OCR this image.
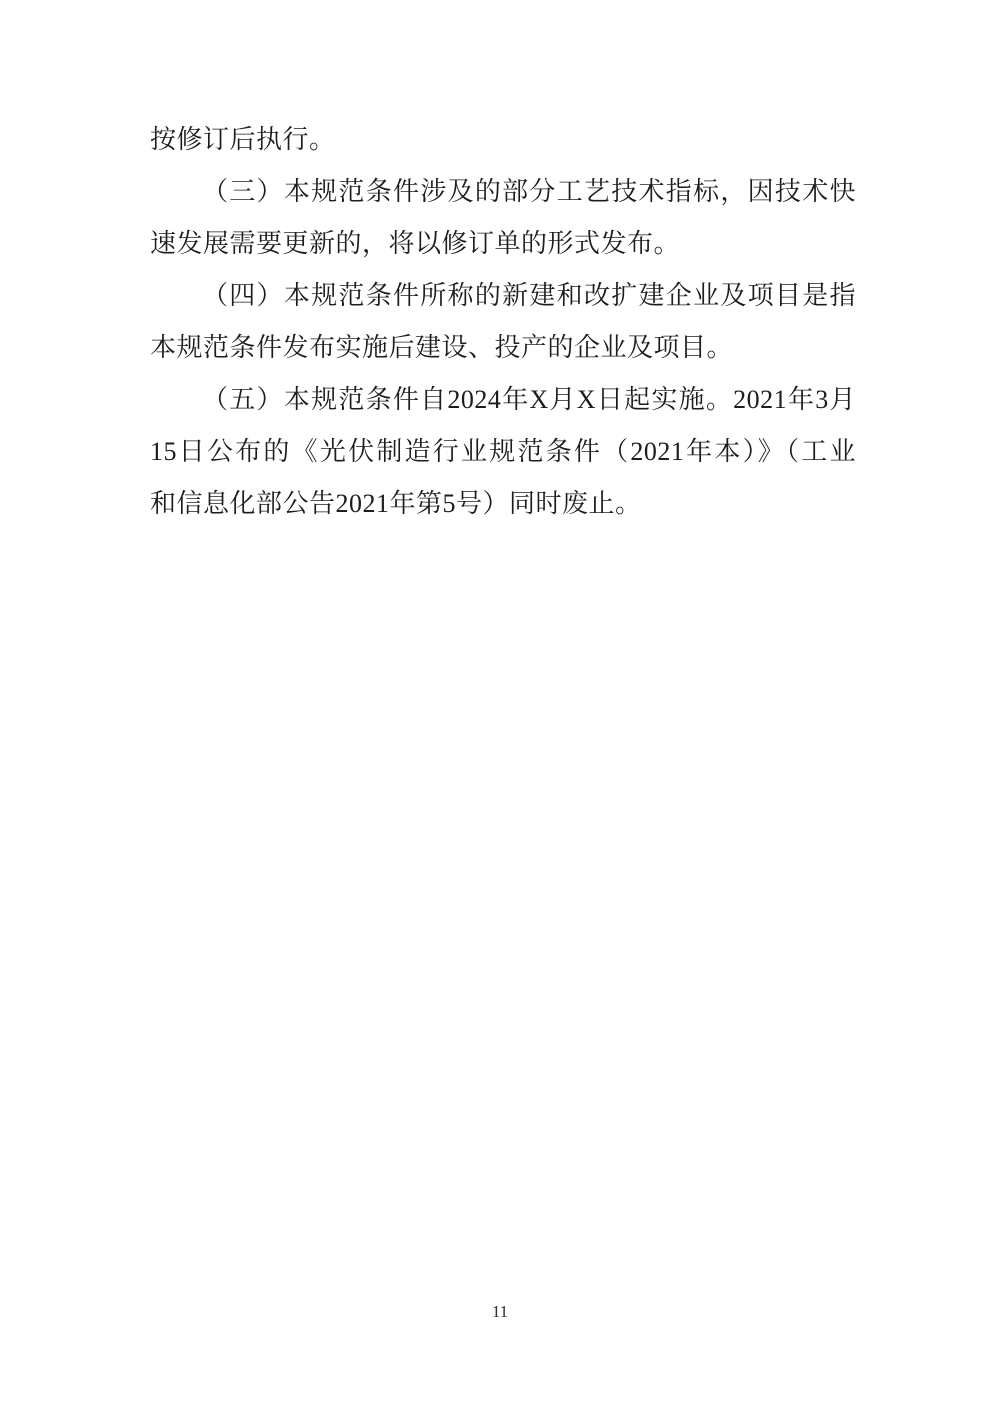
按修订后执行。
（三）本规范条件涉及的部分工艺技术指标，因技术快
速发展需要更新的，将以修订单的形式发布。
（四）本规范条件所称的新建和改扩建企业及项目是指
本规范条件发布实施后建设、投产的企业及项目。
（五）本规范条件自2024年X月X日起实施。2021年3月
15日公布的《光伏制造行业规范条件（2021年本）》（工业
和信息化部公告2021年第5号）同时废止。
11
